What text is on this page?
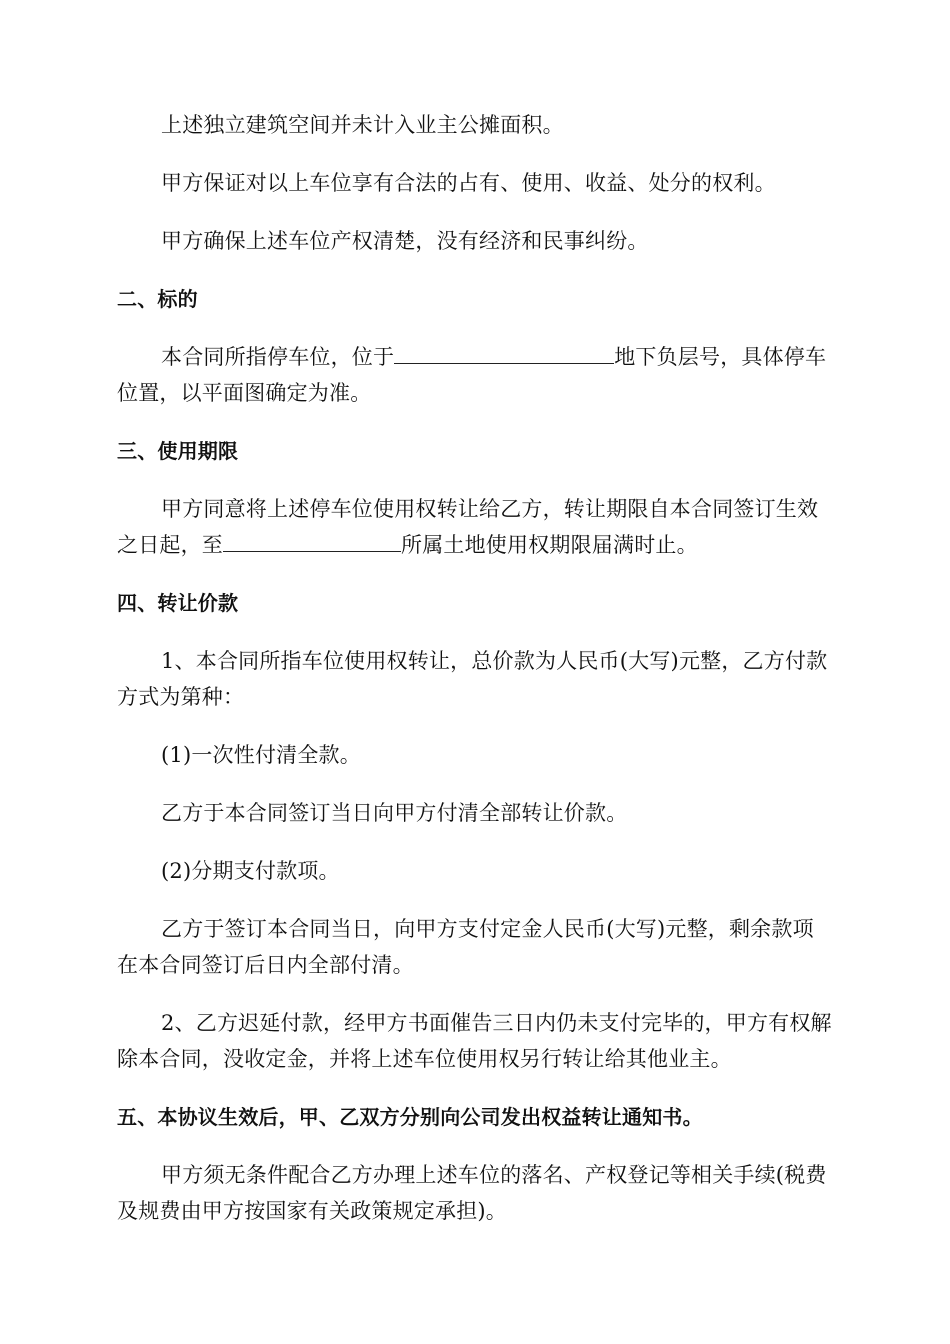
上述独立建筑空间并未计入业主公摊面积。

甲方保证对以上车位享有合法的占有、使用、收益、处分的权利。

甲方确保上述车位产权清楚，没有经济和民事纠纷。

二、标的

本合同所指停车位，位于	地下负层号，具体停车位置，以平面图确定为准。

三、使用期限

甲方同意将上述停车位使用权转让给乙方，转让期限自本合同签订生效之日起，至	所属土地使用权期限届满时止。

四、转让价款

1、本合同所指车位使用权转让，总价款为人民币(大写)元整，乙方付款方式为第种：

(1)一次性付清全款。

乙方于本合同签订当日向甲方付清全部转让价款。

(2)分期支付款项。

乙方于签订本合同当日，向甲方支付定金人民币(大写)元整，剩余款项在本合同签订后日内全部付清。

2、乙方迟延付款，经甲方书面催告三日内仍未支付完毕的，甲方有权解除本合同，没收定金，并将上述车位使用权另行转让给其他业主。

五、本协议生效后，甲、乙双方分别向公司发出权益转让通知书。

甲方须无条件配合乙方办理上述车位的落名、产权登记等相关手续(税费及规费由甲方按国家有关政策规定承担)。
